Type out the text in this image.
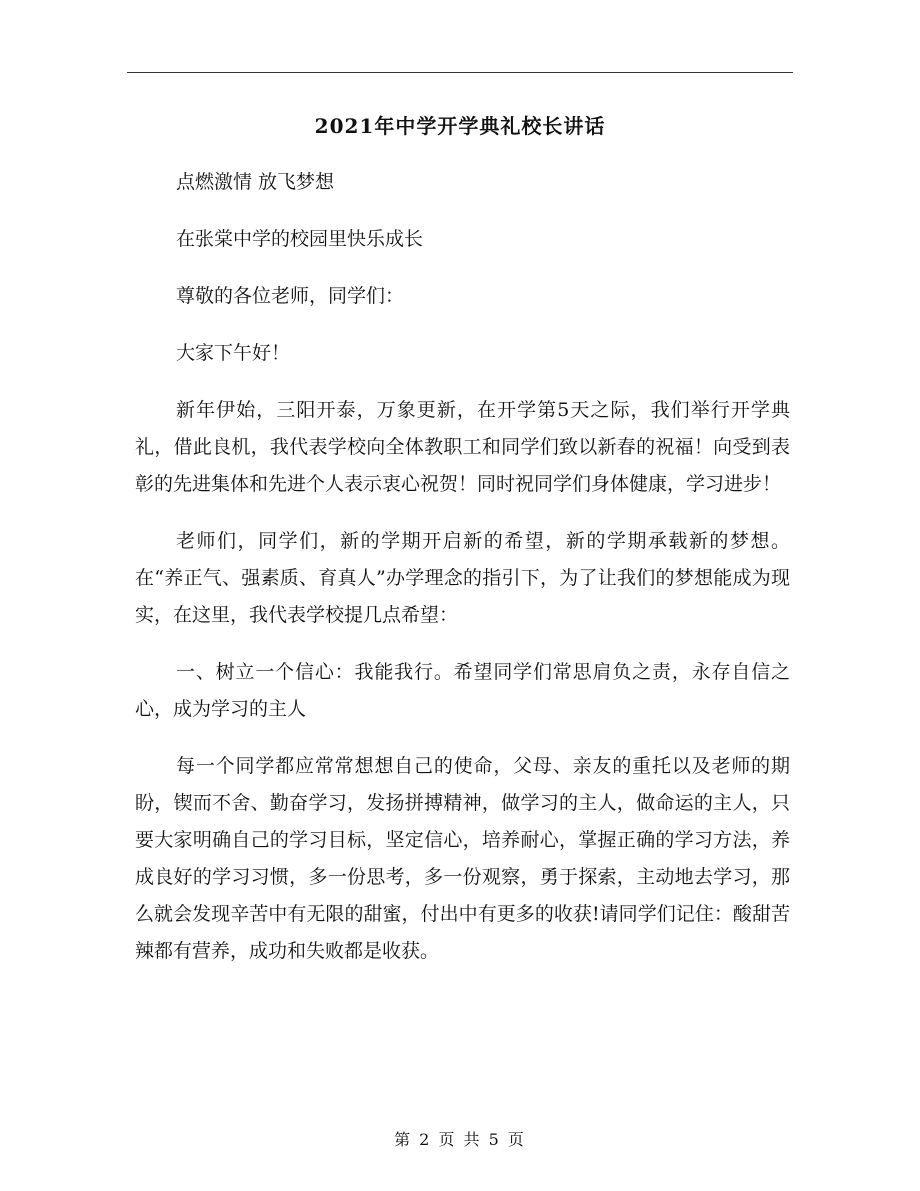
2021年中学开学典礼校长讲话

点燃激情 放飞梦想

在张棠中学的校园里快乐成长

尊敬的各位老师，同学们：

大家下午好！

新年伊始，三阳开泰，万象更新，在开学第5天之际，我们举行开学典礼，借此良机，我代表学校向全体教职工和同学们致以新春的祝福！向受到表彰的先进集体和先进个人表示衷心祝贺！同时祝同学们身体健康，学习进步！

老师们，同学们，新的学期开启新的希望，新的学期承载新的梦想。在“养正气、强素质、育真人”办学理念的指引下，为了让我们的梦想能成为现实，在这里，我代表学校提几点希望：

一、树立一个信心：我能我行。希望同学们常思肩负之责，永存自信之心，成为学习的主人

每一个同学都应常常想想自己的使命，父母、亲友的重托以及老师的期盼，锲而不舍、勤奋学习，发扬拼搏精神，做学习的主人，做命运的主人，只要大家明确自己的学习目标，坚定信心，培养耐心，掌握正确的学习方法，养成良好的学习习惯，多一份思考，多一份观察，勇于探索，主动地去学习，那么就会发现辛苦中有无限的甜蜜，付出中有更多的收获!请同学们记住：酸甜苦辣都有营养，成功和失败都是收获。

第 2 页 共 5 页
